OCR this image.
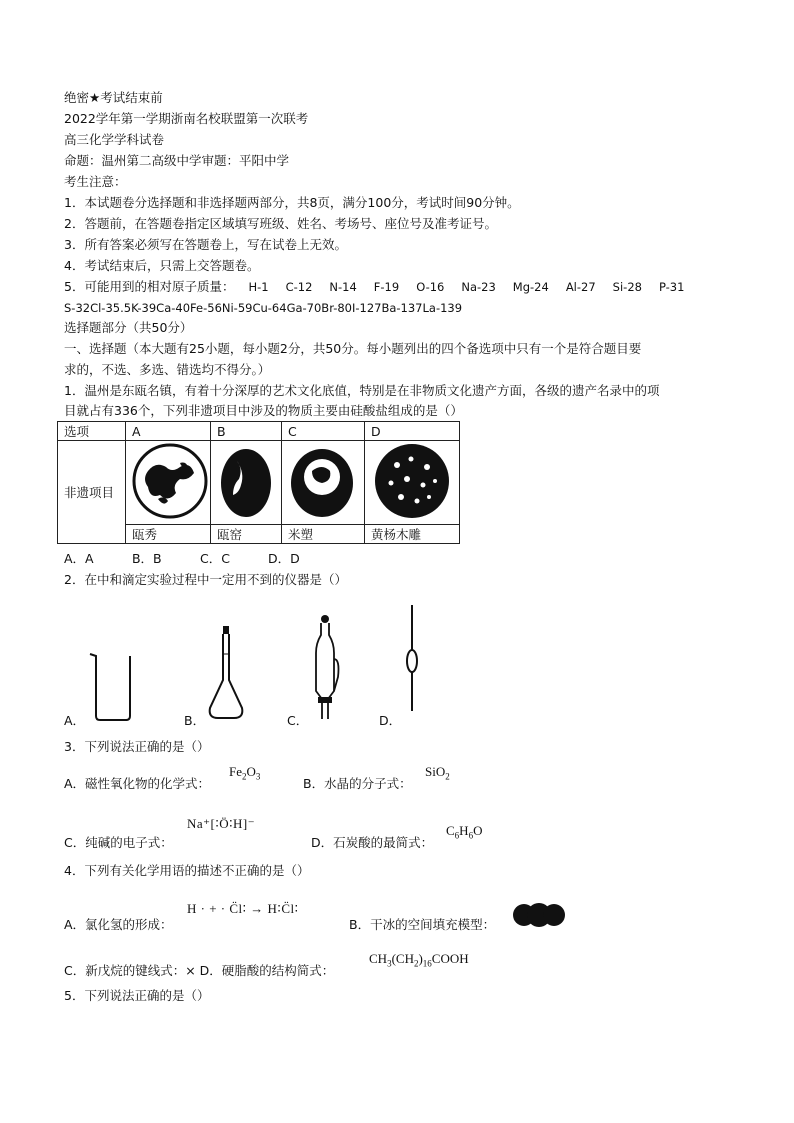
绝密★考试结束前
2022学年第一学期浙南名校联盟第一次联考
高三化学学科试卷
命题：温州第二高级中学审题：平阳中学
考生注意：
1．本试题卷分选择题和非选择题两部分，共8页，满分100分，考试时间90分钟。
2．答题前，在答题卷指定区域填写班级、姓名、考场号、座位号及准考证号。
3．所有答案必须写在答题卷上，写在试卷上无效。
4．考试结束后，只需上交答题卷。
5．可能用到的相对原子质量： H-1 C-12 N-14 F-19 O-16 Na-23 Mg-24 Al-27 Si-28 P-31
S-32Cl-35.5K-39Ca-40Fe-56Ni-59Cu-64Ga-70Br-80I-127Ba-137La-139
选择题部分（共50分）
一、选择题（本大题有25小题，每小题2分，共50分。每小题列出的四个备选项中只有一个是符合题目要
求的，不选、多选、错选均不得分。）
1．温州是东瓯名镇，有着十分深厚的艺术文化底值，特别是在非物质文化遗产方面，各级的遗产名录中的项
目就占有336个，下列非遗项目中涉及的物质主要由硅酸盐组成的是（）
选项	A	B	C	D
非遗项目				
	瓯秀	瓯窑	米塑	黄杨木雕
A．A	B．B	C．C	D．D
2．在中和滴定实验过程中一定用不到的仪器是（）
A．	B．	C．	D．
3．下列说法正确的是（）
A．磁性氧化物的化学式：
$Fe_2O_3$	B．水晶的分子式：
SiO$_2$
C．纯碱的电子式：
Na⁺[∶Ö∶H]⁻
D．石炭酸的最简式：
$C_6H_6O$
4．下列有关化学用语的描述不正确的是（）
A．氯化氢的形成：
H · + · C̈l∶ → H∶C̈l∶
B．干冰的空间填充模型：
C．新戊烷的键线式：× D．硬脂酸的结构简式：
$CH_3(CH_2)_{16}COOH$
5．下列说法正确的是（）
